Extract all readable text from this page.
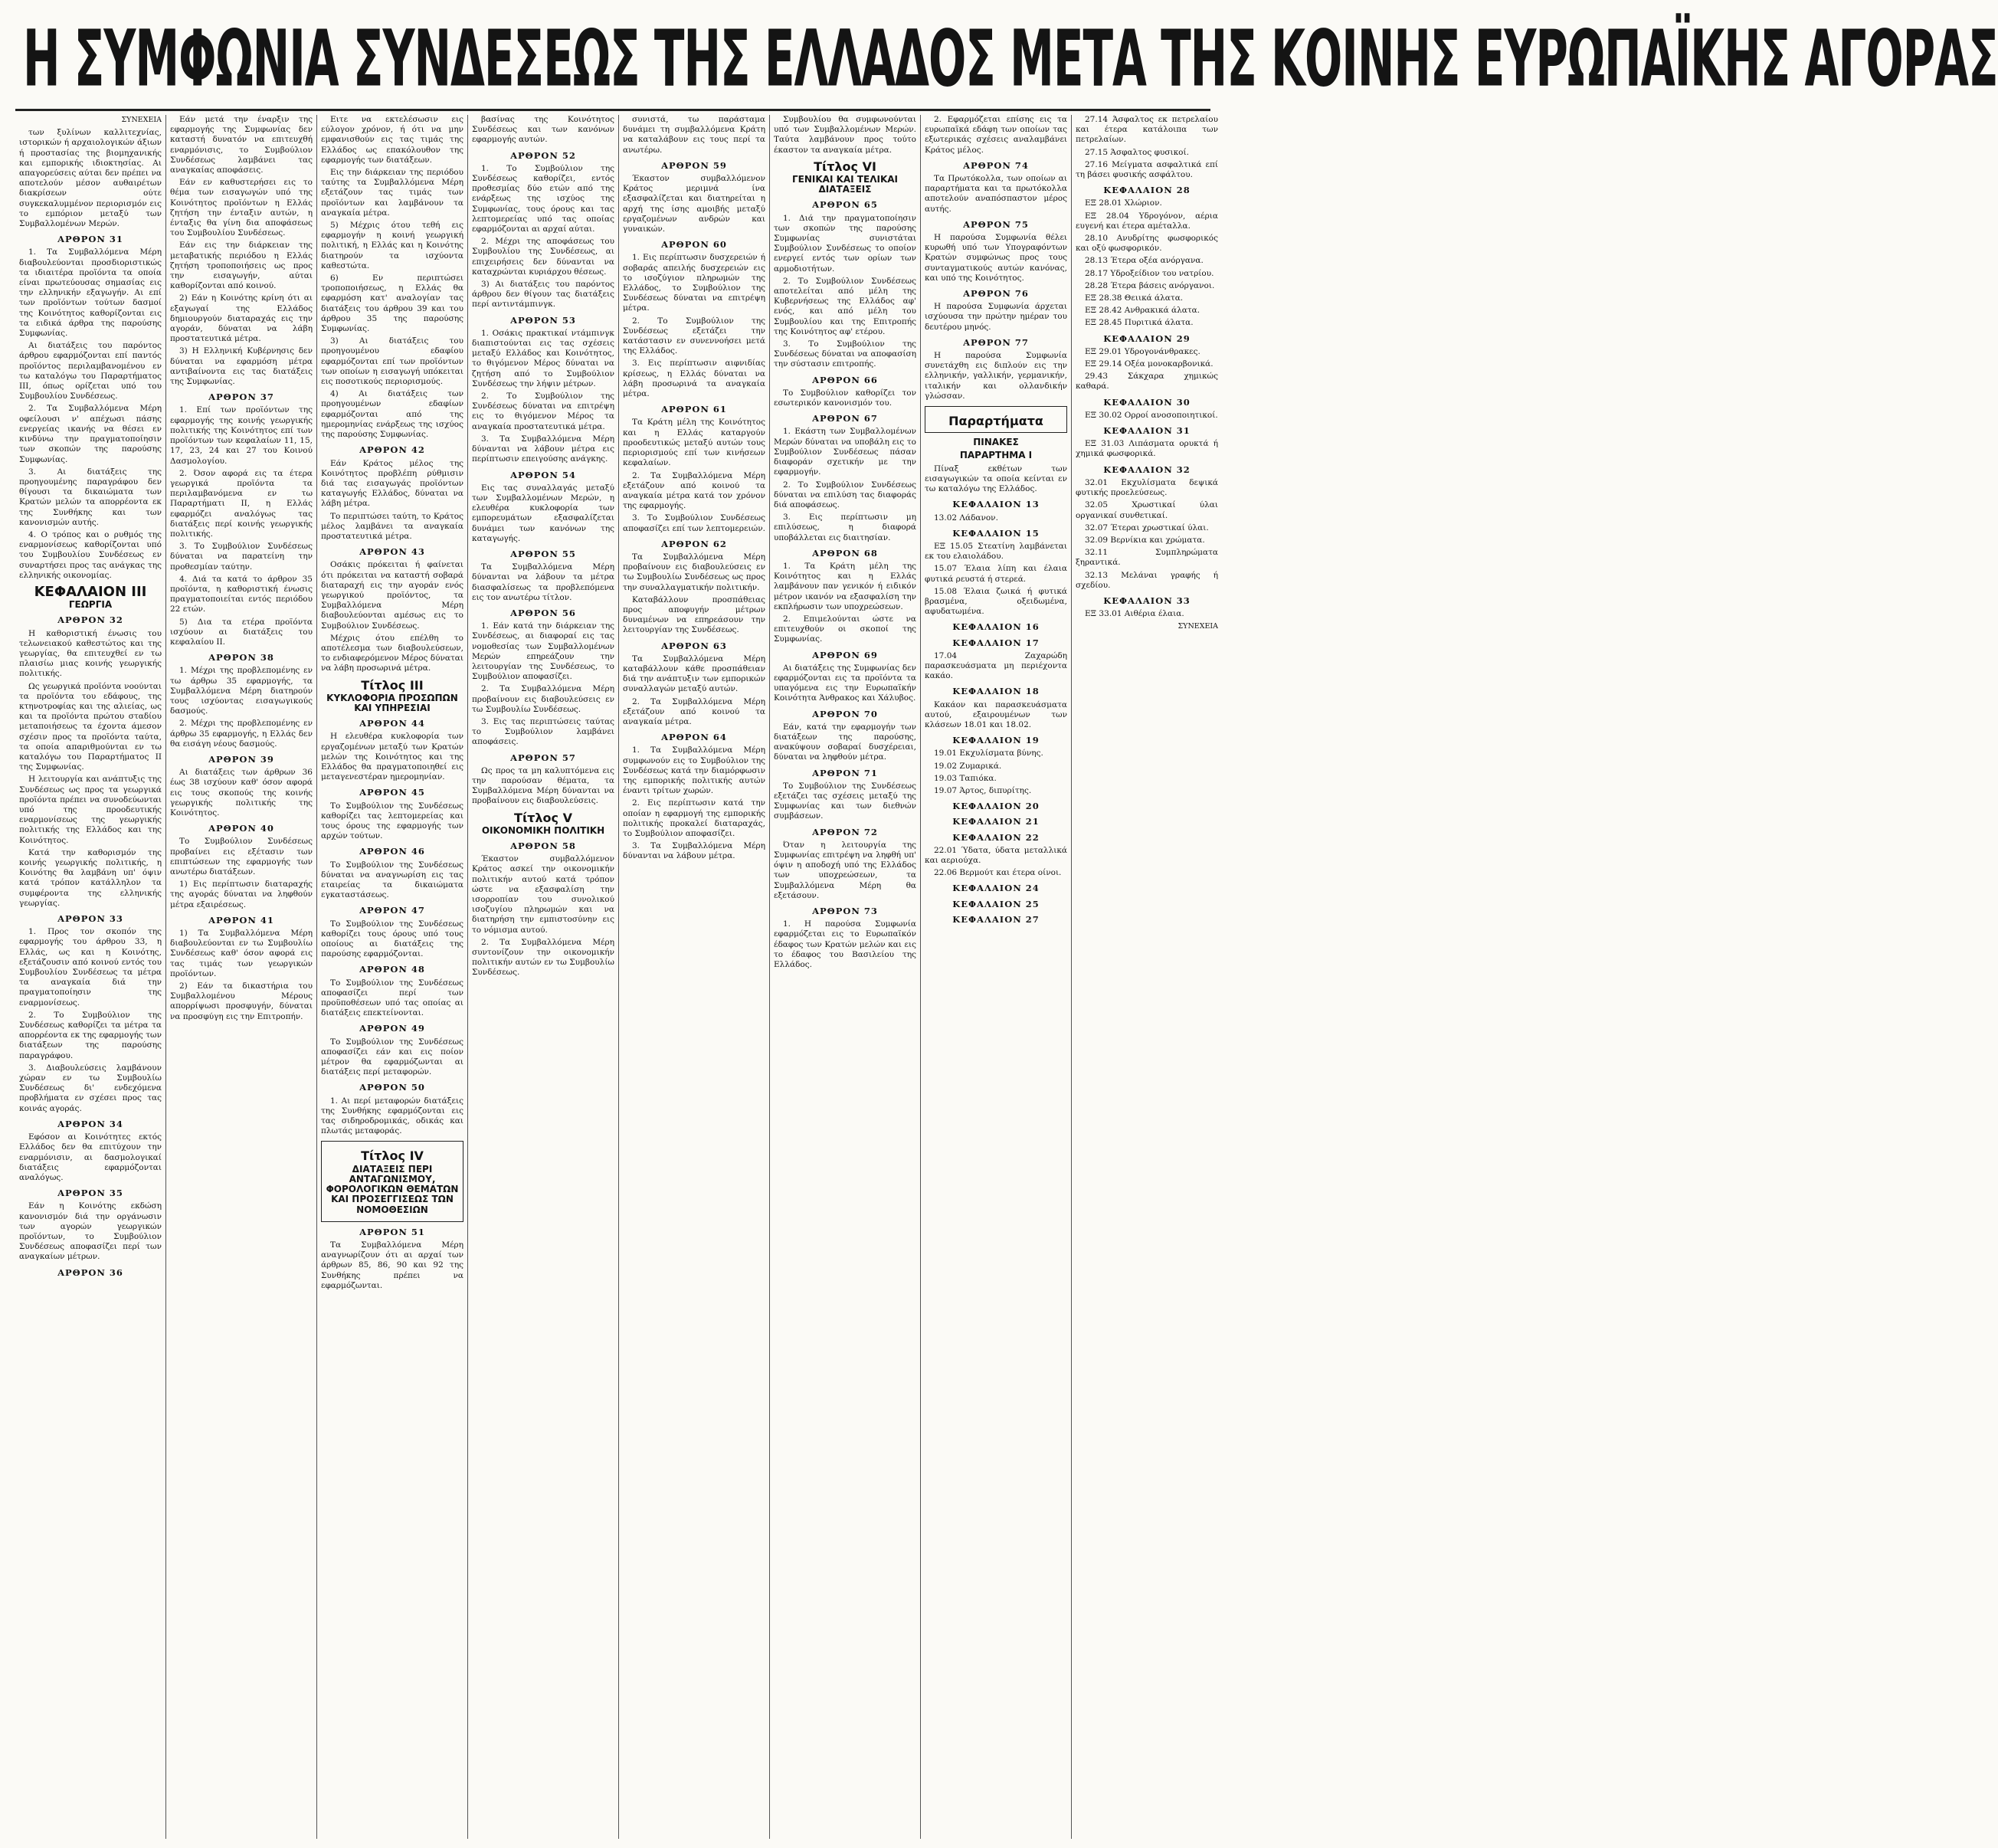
Η ΣΥΜΦΩΝΙΑ ΣΥΝΔΕΣΕΩΣ ΤΗΣ ΕΛΛΑΔΟΣ ΜΕΤΑ ΤΗΣ ΚΟΙΝΗΣ ΕΥΡΩΠΑΪΚΗΣ ΑΓΟΡΑΣ
ΣΥΝΕΧΕΙΑ

των ξυλίνων καλλιτεχνίας, ιστορικών ή αρχαιολογικών άξιων ή προστασίας της βιομηχανικής και εμπορικής ιδιοκτησίας. Αι απαγορεύσεις αύται δεν πρέπει να αποτελούν μέσον αυθαιρέτων διακρίσεων ούτε συγκεκαλυμμένον περιορισμόν εις το εμπόριον μεταξύ των Συμβαλλομένων Μερών.

ΑΡΘΡΟΝ 31

1. Τα Συμβαλλόμενα Μέρη διαβουλεύονται προσδιοριστικώς τα ιδιαιτέρα προϊόντα τα οποία είναι πρωτεύουσας σημασίας εις την ελληνικήν εξαγωγήν. Αι επί των προϊόντων τούτων δασμοί της Κοινότητος καθορίζονται εις τα ειδικά άρθρα της παρούσης Συμφωνίας.

Αι διατάξεις του παρόντος άρθρου εφαρμόζονται επί παντός προϊόντος περιλαμβανομένου εν τω καταλόγω του Παραρτήματος ΙΙΙ, όπως ορίζεται υπό του Συμβουλίου Συνδέσεως.

2. Τα Συμβαλλόμενα Μέρη οφείλουσι ν' απέχωσι πάσης ενεργείας ικανής να θέσει εν κινδύνω την πραγματοποίησιν των σκοπών της παρούσης Συμφωνίας.

3. Αι διατάξεις της προηγουμένης παραγράφου δεν θίγουσι τα δικαιώματα των Κρατών μελών τα απορρέοντα εκ της Συνθήκης και των κανονισμών αυτής.

4. Ο τρόπος και ο ρυθμός της εναρμονίσεως καθορίζονται υπό του Συμβουλίου Συνδέσεως εν συναρτήσει προς τας ανάγκας της ελληνικής οικονομίας.

ΚΕΦΑΛΑΙΟΝ ΙΙΙ
ΓΕΩΡΓΙΑ
ΑΡΘΡΟΝ 32

Η καθοριστική ένωσις του τελωνειακού καθεστώτος και της γεωργίας, θα επιτευχθεί εν τω πλαισίω μιας κοινής γεωργικής πολιτικής.

Ως γεωργικά προϊόντα νοούνται τα προϊόντα του εδάφους, της κτηνοτροφίας και της αλιείας, ως και τα προϊόντα πρώτου σταδίου μεταποιήσεως τα έχοντα άμεσον σχέσιν προς τα προϊόντα ταύτα, τα οποία απαριθμούνται εν τω καταλόγω του Παραρτήματος ΙΙ της Συμφωνίας.

Η λειτουργία και ανάπτυξις της Συνδέσεως ως προς τα γεωργικά προϊόντα πρέπει να συνοδεύωνται υπό της προοδευτικής εναρμονίσεως της γεωργικής πολιτικής της Ελλάδος και της Κοινότητος.

Κατά την καθορισμόν της κοινής γεωργικής πολιτικής, η Κοινότης θα λαμβάνη υπ' όψιν κατά τρόπον κατάλληλον τα συμφέροντα της ελληνικής γεωργίας.

ΑΡΘΡΟΝ 33

1. Προς τον σκοπόν της εφαρμογής του άρθρου 33, η Ελλάς, ως και η Κοινότης, εξετάζουσιν από κοινού εντός του Συμβουλίου Συνδέσεως τα μέτρα τα αναγκαία διά την πραγματοποίησιν της εναρμονίσεως.

2. Το Συμβούλιον της Συνδέσεως καθορίζει τα μέτρα τα απορρέοντα εκ της εφαρμογής των διατάξεων της παρούσης παραγράφου.

3. Διαβουλεύσεις λαμβάνουν χώραν εν τω Συμβουλίω Συνδέσεως δι' ενδεχόμενα προβλήματα εν σχέσει προς τας κοινάς αγοράς.

ΑΡΘΡΟΝ 34

Εφόσον αι Κοινότητες εκτός Ελλάδος δεν θα επιτύχουν την εναρμόνισιν, αι δασμολογικαί διατάξεις εφαρμόζονται αναλόγως.

ΑΡΘΡΟΝ 35

Εάν η Κοινότης εκδώση κανονισμόν διά την οργάνωσιν των αγορών γεωργικών προϊόντων, το Συμβούλιον Συνδέσεως αποφασίζει περί των αναγκαίων μέτρων.

ΑΡΘΡΟΝ 36

Εάν μετά την έναρξιν της εφαρμογής της Συμφωνίας δεν καταστή δυνατόν να επιτευχθή εναρμόνισις, το Συμβούλιον Συνδέσεως λαμβάνει τας αναγκαίας αποφάσεις.

Εάν εν καθυστερήσει εις το θέμα των εισαγωγών υπό της Κοινότητος προϊόντων η Ελλάς ζητήση την ένταξιν αυτών, η ένταξις θα γίνη δια αποφάσεως του Συμβουλίου Συνδέσεως.

Εάν εις την διάρκειαν της μεταβατικής περιόδου η Ελλάς ζητήση τροποποιήσεις ως προς την εισαγωγήν, αύται καθορίζονται από κοινού.

2) Εάν η Κοινότης κρίνη ότι αι εξαγωγαί της Ελλάδος δημιουργούν διαταραχάς εις την αγοράν, δύναται να λάβη προστατευτικά μέτρα.

3) Η Ελληνική Κυβέρνησις δεν δύναται να εφαρμόση μέτρα αντιβαίνοντα εις τας διατάξεις της Συμφωνίας.

ΑΡΘΡΟΝ 37

1. Επί των προϊόντων της εφαρμογής της κοινής γεωργικής πολιτικής της Κοινότητος επί των προϊόντων των κεφαλαίων 11, 15, 17, 23, 24 και 27 του Κοινού Δασμολογίου.

2. Όσον αφορά εις τα έτερα γεωργικά προϊόντα τα περιλαμβανόμενα εν τω Παραρτήματι ΙΙ, η Ελλάς εφαρμόζει αναλόγως τας διατάξεις περί κοινής γεωργικής πολιτικής.

3. Το Συμβούλιον Συνδέσεως δύναται να παρατείνη την προθεσμίαν ταύτην.

4. Διά τα κατά το άρθρον 35 προϊόντα, η καθοριστική ένωσις πραγματοποιείται εντός περιόδου 22 ετών.

5) Δια τα ετέρα προϊόντα ισχύουν αι διατάξεις του κεφαλαίου ΙΙ.

ΑΡΘΡΟΝ 38

1. Μέχρι της προβλεπομένης εν τω άρθρω 35 εφαρμογής, τα Συμβαλλόμενα Μέρη διατηρούν τους ισχύοντας εισαγωγικούς δασμούς.

2. Μέχρι της προβλεπομένης εν άρθρω 35 εφαρμογής, η Ελλάς δεν θα εισάγη νέους δασμούς.

ΑΡΘΡΟΝ 39

Αι διατάξεις των άρθρων 36 έως 38 ισχύουν καθ' όσον αφορά εις τους σκοπούς της κοινής γεωργικής πολιτικής της Κοινότητος.

ΑΡΘΡΟΝ 40

Το Συμβούλιον Συνδέσεως προβαίνει εις εξέτασιν των επιπτώσεων της εφαρμογής των ανωτέρω διατάξεων.

1) Εις περίπτωσιν διαταραχής της αγοράς δύναται να ληφθούν μέτρα εξαιρέσεως.

ΑΡΘΡΟΝ 41

1) Τα Συμβαλλόμενα Μέρη διαβουλεύονται εν τω Συμβουλίω Συνδέσεως καθ' όσον αφορά εις τας τιμάς των γεωργικών προϊόντων.

2) Εάν τα δικαστήρια του Συμβαλλομένου Μέρους απορρίψωσι προσφυγήν, δύναται να προσφύγη εις την Επιτροπήν.

Ειτε να εκτελέσωσιν εις εύλογον χρόνον, ή ότι να μην εμφανισθούν εις τας τιμάς της Ελλάδος ως επακόλουθον της εφαρμογής των διατάξεων.

Εις την διάρκειαν της περιόδου ταύτης τα Συμβαλλόμενα Μέρη εξετάζουν τας τιμάς των προϊόντων και λαμβάνουν τα αναγκαία μέτρα.

5) Μέχρις ότου τεθή εις εφαρμογήν η κοινή γεωργική πολιτική, η Ελλάς και η Κοινότης διατηρούν τα ισχύοντα καθεστώτα.

6) Εν περιπτώσει τροποποιήσεως, η Ελλάς θα εφαρμόση κατ' αναλογίαν τας διατάξεις του άρθρου 39 και του άρθρου 35 της παρούσης Συμφωνίας.

3) Αι διατάξεις του προηγουμένου εδαφίου εφαρμόζονται επί των προϊόντων των οποίων η εισαγωγή υπόκειται εις ποσοτικούς περιορισμούς.

4) Αι διατάξεις των προηγουμένων εδαφίων εφαρμόζονται από της ημερομηνίας ενάρξεως της ισχύος της παρούσης Συμφωνίας.

ΑΡΘΡΟΝ 42

Εάν Κράτος μέλος της Κοινότητος προβλέπη ρύθμισιν διά τας εισαγωγάς προϊόντων καταγωγής Ελλάδος, δύναται να λάβη μέτρα.

Το περιπτώσει ταύτη, το Κράτος μέλος λαμβάνει τα αναγκαία προστατευτικά μέτρα.

ΑΡΘΡΟΝ 43

Οσάκις πρόκειται ή φαίνεται ότι πρόκειται να καταστή σοβαρά διαταραχή εις την αγοράν ενός γεωργικού προϊόντος, τα Συμβαλλόμενα Μέρη διαβουλεύονται αμέσως εις το Συμβούλιον Συνδέσεως.

Μέχρις ότου επέλθη το αποτέλεσμα των διαβουλεύσεων, το ενδιαφερόμενον Μέρος δύναται να λάβη προσωρινά μέτρα.

Τίτλος ΙΙΙ
ΚΥΚΛΟΦΟΡΙΑ ΠΡΟΣΩΠΩΝ ΚΑΙ ΥΠΗΡΕΣΙΑΙ
ΑΡΘΡΟΝ 44

Η ελευθέρα κυκλοφορία των εργαζομένων μεταξύ των Κρατών μελών της Κοινότητος και της Ελλάδος θα πραγματοποιηθεί εις μεταγενεστέραν ημερομηνίαν.

ΑΡΘΡΟΝ 45

Το Συμβούλιον της Συνδέσεως καθορίζει τας λεπτομερείας και τους όρους της εφαρμογής των αρχών τούτων.

ΑΡΘΡΟΝ 46

Το Συμβούλιον της Συνδέσεως δύναται να αναγνωρίση εις τας εταιρείας τα δικαιώματα εγκαταστάσεως.

ΑΡΘΡΟΝ 47

Το Συμβούλιον της Συνδέσεως καθορίζει τους όρους υπό τους οποίους αι διατάξεις της παρούσης εφαρμόζονται.

ΑΡΘΡΟΝ 48

Το Συμβούλιον της Συνδέσεως αποφασίζει περί των προϋποθέσεων υπό τας οποίας αι διατάξεις επεκτείνονται.

ΑΡΘΡΟΝ 49

Το Συμβούλιον της Συνδέσεως αποφασίζει εάν και εις ποίον μέτρον θα εφαρμόζωνται αι διατάξεις περί μεταφορών.

ΑΡΘΡΟΝ 50

1. Αι περί μεταφορών διατάξεις της Συνθήκης εφαρμόζονται εις τας σιδηροδρομικάς, οδικάς και πλωτάς μεταφοράς.

Τίτλος ΙV
ΔΙΑΤΑΞΕΙΣ ΠΕΡΙ ΑΝΤΑΓΩΝΙΣΜΟΥ, ΦΟΡΟΛΟΓΙΚΩΝ ΘΕΜΑΤΩΝ ΚΑΙ ΠΡΟΣΕΓΓΙΣΕΩΣ ΤΩΝ ΝΟΜΟΘΕΣΙΩΝ
ΑΡΘΡΟΝ 51

Τα Συμβαλλόμενα Μέρη αναγνωρίζουν ότι αι αρχαί των άρθρων 85, 86, 90 και 92 της Συνθήκης πρέπει να εφαρμόζωνται.

βασίνας της Κοινότητος Συνδέσεως και των κανόνων εφαρμογής αυτών.

ΑΡΘΡΟΝ 52

1. Το Συμβούλιον της Συνδέσεως καθορίζει, εντός προθεσμίας δύο ετών από της ενάρξεως της ισχύος της Συμφωνίας, τους όρους και τας λεπτομερείας υπό τας οποίας εφαρμόζονται αι αρχαί αύται.

2. Μέχρι της αποφάσεως του Συμβουλίου της Συνδέσεως, αι επιχειρήσεις δεν δύνανται να καταχρώνται κυριάρχου θέσεως.

3) Αι διατάξεις του παρόντος άρθρου δεν θίγουν τας διατάξεις περί αντιντάμπινγκ.

ΑΡΘΡΟΝ 53

1. Οσάκις πρακτικαί ντάμπινγκ διαπιστούνται εις τας σχέσεις μεταξύ Ελλάδος και Κοινότητος, το θιγόμενον Μέρος δύναται να ζητήση από το Συμβούλιον Συνδέσεως την λήψιν μέτρων.

2. Το Συμβούλιον της Συνδέσεως δύναται να επιτρέψη εις το θιγόμενον Μέρος τα αναγκαία προστατευτικά μέτρα.

3. Τα Συμβαλλόμενα Μέρη δύνανται να λάβουν μέτρα εις περίπτωσιν επειγούσης ανάγκης.

ΑΡΘΡΟΝ 54

Εις τας συναλλαγάς μεταξύ των Συμβαλλομένων Μερών, η ελευθέρα κυκλοφορία των εμπορευμάτων εξασφαλίζεται δυνάμει των κανόνων της καταγωγής.

ΑΡΘΡΟΝ 55

Τα Συμβαλλόμενα Μέρη δύνανται να λάβουν τα μέτρα διασφαλίσεως τα προβλεπόμενα εις τον ανωτέρω τίτλον.

ΑΡΘΡΟΝ 56

1. Εάν κατά την διάρκειαν της Συνδέσεως, αι διαφοραί εις τας νομοθεσίας των Συμβαλλομένων Μερών επηρεάζουν την λειτουργίαν της Συνδέσεως, το Συμβούλιον αποφασίζει.

2. Τα Συμβαλλόμενα Μέρη προβαίνουν εις διαβουλεύσεις εν τω Συμβουλίω Συνδέσεως.

3. Εις τας περιπτώσεις ταύτας το Συμβούλιον λαμβάνει αποφάσεις.

ΑΡΘΡΟΝ 57

Ως προς τα μη καλυπτόμενα εις την παρούσαν θέματα, τα Συμβαλλόμενα Μέρη δύνανται να προβαίνουν εις διαβουλεύσεις.

Τίτλος V
ΟΙΚΟΝΟΜΙΚΗ ΠΟΛΙΤΙΚΗ
ΑΡΘΡΟΝ 58

Έκαστον συμβαλλόμενον Κράτος ασκεί την οικονομικήν πολιτικήν αυτού κατά τρόπον ώστε να εξασφαλίση την ισορροπίαν του συνολικού ισοζυγίου πληρωμών και να διατηρήση την εμπιστοσύνην εις το νόμισμα αυτού.

2. Τα Συμβαλλόμενα Μέρη συντονίζουν την οικονομικήν πολιτικήν αυτών εν τω Συμβουλίω Συνδέσεως.

συνιστά, τω παράσταμα δυνάμει τη συμβαλλόμενα Κράτη να καταλάβουν εις τους περί τα ανωτέρω.

ΑΡΘΡΟΝ 59

Έκαστον συμβαλλόμενον Κράτος μεριμνά ίνα εξασφαλίζεται και διατηρείται η αρχή της ίσης αμοιβής μεταξύ εργαζομένων ανδρών και γυναικών.

ΑΡΘΡΟΝ 60

1. Εις περίπτωσιν δυσχερειών ή σοβαράς απειλής δυσχερειών εις το ισοζύγιον πληρωμών της Ελλάδος, το Συμβούλιον της Συνδέσεως δύναται να επιτρέψη μέτρα.

2. Το Συμβούλιον της Συνδέσεως εξετάζει την κατάστασιν εν συνεννοήσει μετά της Ελλάδος.

3. Εις περίπτωσιν αιφνιδίας κρίσεως, η Ελλάς δύναται να λάβη προσωρινά τα αναγκαία μέτρα.

ΑΡΘΡΟΝ 61

Τα Κράτη μέλη της Κοινότητος και η Ελλάς καταργούν προοδευτικώς μεταξύ αυτών τους περιορισμούς επί των κινήσεων κεφαλαίων.

2. Τα Συμβαλλόμενα Μέρη εξετάζουν από κοινού τα αναγκαία μέτρα κατά τον χρόνον της εφαρμογής.

3. Το Συμβούλιον Συνδέσεως αποφασίζει επί των λεπτομερειών.

ΑΡΘΡΟΝ 62

Τα Συμβαλλόμενα Μέρη προβαίνουν εις διαβουλεύσεις εν τω Συμβουλίω Συνδέσεως ως προς την συναλλαγματικήν πολιτικήν.

Καταβάλλουν προσπάθειας προς αποφυγήν μέτρων δυναμένων να επηρεάσουν την λειτουργίαν της Συνδέσεως.

ΑΡΘΡΟΝ 63

Τα Συμβαλλόμενα Μέρη καταβάλλουν κάθε προσπάθειαν διά την ανάπτυξιν των εμπορικών συναλλαγών μεταξύ αυτών.

2. Τα Συμβαλλόμενα Μέρη εξετάζουν από κοινού τα αναγκαία μέτρα.

ΑΡΘΡΟΝ 64

1. Τα Συμβαλλόμενα Μέρη συμφωνούν εις το Συμβούλιον της Συνδέσεως κατά την διαμόρφωσιν της εμπορικής πολιτικής αυτών έναντι τρίτων χωρών.

2. Εις περίπτωσιν κατά την οποίαν η εφαρμογή της εμπορικής πολιτικής προκαλεί διαταραχάς, το Συμβούλιον αποφασίζει.

3. Τα Συμβαλλόμενα Μέρη δύνανται να λάβουν μέτρα.

Συμβουλίου θα συμφωνούνται υπό των Συμβαλλομένων Μερών. Ταύτα λαμβάνουν προς τούτο έκαστον τα αναγκαία μέτρα.

Τίτλος VI
ΓΕΝΙΚΑΙ ΚΑΙ ΤΕΛΙΚΑΙ ΔΙΑΤΑΞΕΙΣ
ΑΡΘΡΟΝ 65

1. Διά την πραγματοποίησιν των σκοπών της παρούσης Συμφωνίας συνιστάται Συμβούλιον Συνδέσεως το οποίον ενεργεί εντός των ορίων των αρμοδιοτήτων.

2. Το Συμβούλιον Συνδέσεως αποτελείται από μέλη της Κυβερνήσεως της Ελλάδος αφ' ενός, και από μέλη του Συμβουλίου και της Επιτροπής της Κοινότητος αφ' ετέρου.

3. Το Συμβούλιον της Συνδέσεως δύναται να αποφασίση την σύστασιν επιτροπής.

ΑΡΘΡΟΝ 66

Το Συμβούλιον καθορίζει τον εσωτερικόν κανονισμόν του.

ΑΡΘΡΟΝ 67

1. Εκάστη των Συμβαλλομένων Μερών δύναται να υποβάλη εις το Συμβούλιον Συνδέσεως πάσαν διαφοράν σχετικήν με την εφαρμογήν.

2. Το Συμβούλιον Συνδέσεως δύναται να επιλύση τας διαφοράς διά αποφάσεως.

3. Εις περίπτωσιν μη επιλύσεως, η διαφορά υποβάλλεται εις διαιτησίαν.

ΑΡΘΡΟΝ 68

1. Τα Κράτη μέλη της Κοινότητος και η Ελλάς λαμβάνουν παν γενικόν ή ειδικόν μέτρον ικανόν να εξασφαλίση την εκπλήρωσιν των υποχρεώσεων.

2. Επιμελούνται ώστε να επιτευχθούν οι σκοποί της Συμφωνίας.

ΑΡΘΡΟΝ 69

Αι διατάξεις της Συμφωνίας δεν εφαρμόζονται εις τα προϊόντα τα υπαγόμενα εις την Ευρωπαϊκήν Κοινότητα Άνθρακος και Χάλυβος.

ΑΡΘΡΟΝ 70

Εάν, κατά την εφαρμογήν των διατάξεων της παρούσης, ανακύψουν σοβαραί δυσχέρειαι, δύναται να ληφθούν μέτρα.

ΑΡΘΡΟΝ 71

Το Συμβούλιον της Συνδέσεως εξετάζει τας σχέσεις μεταξύ της Συμφωνίας και των διεθνών συμβάσεων.

ΑΡΘΡΟΝ 72

Όταν η λειτουργία της Συμφωνίας επιτρέψη να ληφθή υπ' όψιν η αποδοχή υπό της Ελλάδος των υποχρεώσεων, τα Συμβαλλόμενα Μέρη θα εξετάσουν.

ΑΡΘΡΟΝ 73

1. Η παρούσα Συμφωνία εφαρμόζεται εις το Ευρωπαϊκόν έδαφος των Κρατών μελών και εις το έδαφος του Βασιλείου της Ελλάδος.

2. Εφαρμόζεται επίσης εις τα ευρωπαϊκά εδάφη των οποίων τας εξωτερικάς σχέσεις αναλαμβάνει Κράτος μέλος.

ΑΡΘΡΟΝ 74

Τα Πρωτόκολλα, των οποίων αι παραρτήματα και τα πρωτόκολλα αποτελούν αναπόσπαστον μέρος αυτής.

ΑΡΘΡΟΝ 75

Η παρούσα Συμφωνία θέλει κυρωθή υπό των Υπογραφόντων Κρατών συμφώνως προς τους συνταγματικούς αυτών κανόνας, και υπό της Κοινότητος.

ΑΡΘΡΟΝ 76

Η παρούσα Συμφωνία άρχεται ισχύουσα την πρώτην ημέραν του δευτέρου μηνός.

ΑΡΘΡΟΝ 77

Η παρούσα Συμφωνία συνετάχθη εις διπλούν εις την ελληνικήν, γαλλικήν, γερμανικήν, ιταλικήν και ολλανδικήν γλώσσαν.

Παραρτήματα
ΠΙΝΑΚΕΣ
ΠΑΡΑΡΤΗΜΑ Ι

Πίναξ εκθέτων των εισαγωγικών τα οποία κείνται εν τω καταλόγω της Ελλάδος.

ΚΕΦΑΛΑΙΟΝ 13

13.02 Λάδανον.

ΚΕΦΑΛΑΙΟΝ 15

ΕΞ 15.05 Στεατίνη λαμβάνεται εκ του ελαιολάδου.

15.07 Έλαια λίπη και έλαια φυτικά ρευστά ή στερεά.

15.08 Έλαια ζωικά ή φυτικά βρασμένα, οξειδωμένα, αφυδατωμένα.

ΚΕΦΑΛΑΙΟΝ 16
ΚΕΦΑΛΑΙΟΝ 17

17.04 Ζαχαρώδη παρασκευάσματα μη περιέχοντα κακάο.

ΚΕΦΑΛΑΙΟΝ 18

Κακάον και παρασκευάσματα αυτού, εξαιρουμένων των κλάσεων 18.01 και 18.02.

ΚΕΦΑΛΑΙΟΝ 19

19.01 Εκχυλίσματα βύνης.

19.02 Ζυμαρικά.

19.03 Ταπιόκα.

19.07 Άρτος, διπυρίτης.

ΚΕΦΑΛΑΙΟΝ 20
ΚΕΦΑΛΑΙΟΝ 21
ΚΕΦΑΛΑΙΟΝ 22

22.01 Ύδατα, ύδατα μεταλλικά και αεριούχα.

22.06 Βερμούτ και έτερα οίνοι.

ΚΕΦΑΛΑΙΟΝ 24
ΚΕΦΑΛΑΙΟΝ 25
ΚΕΦΑΛΑΙΟΝ 27

27.14 Άσφαλτος εκ πετρελαίου και έτερα κατάλοιπα των πετρελαίων.

27.15 Άσφαλτος φυσικοί.

27.16 Μείγματα ασφαλτικά επί τη βάσει φυσικής ασφάλτου.

ΚΕΦΑΛΑΙΟΝ 28

ΕΞ 28.01 Χλώριον.

ΕΞ 28.04 Υδρογόνον, αέρια ευγενή και έτερα αμέταλλα.

28.10 Ανυδρίτης φωσφορικός και οξύ φωσφορικόν.

28.13 Έτερα οξέα ανόργανα.

28.17 Υδροξείδιον του νατρίου.

28.28 Έτερα βάσεις ανόργανοι.

ΕΞ 28.38 Θειικά άλατα.

ΕΞ 28.42 Ανθρακικά άλατα.

ΕΞ 28.45 Πυριτικά άλατα.

ΚΕΦΑΛΑΙΟΝ 29

ΕΞ 29.01 Υδρογονάνθρακες.

ΕΞ 29.14 Οξέα μονοκαρβονικά.

29.43 Σάκχαρα χημικώς καθαρά.

ΚΕΦΑΛΑΙΟΝ 30

ΕΞ 30.02 Ορροί ανοσοποιητικοί.

ΚΕΦΑΛΑΙΟΝ 31

ΕΞ 31.03 Λιπάσματα ορυκτά ή χημικά φωσφορικά.

ΚΕΦΑΛΑΙΟΝ 32

32.01 Εκχυλίσματα δεψικά φυτικής προελεύσεως.

32.05 Χρωστικαί ύλαι οργανικαί συνθετικαί.

32.07 Έτεραι χρωστικαί ύλαι.

32.09 Βερνίκια και χρώματα.

32.11 Συμπληρώματα ξηραντικά.

32.13 Μελάναι γραφής ή σχεδίου.

ΚΕΦΑΛΑΙΟΝ 33

ΕΞ 33.01 Αιθέρια έλαια.

ΣΥΝΕΧΕΙΑ
